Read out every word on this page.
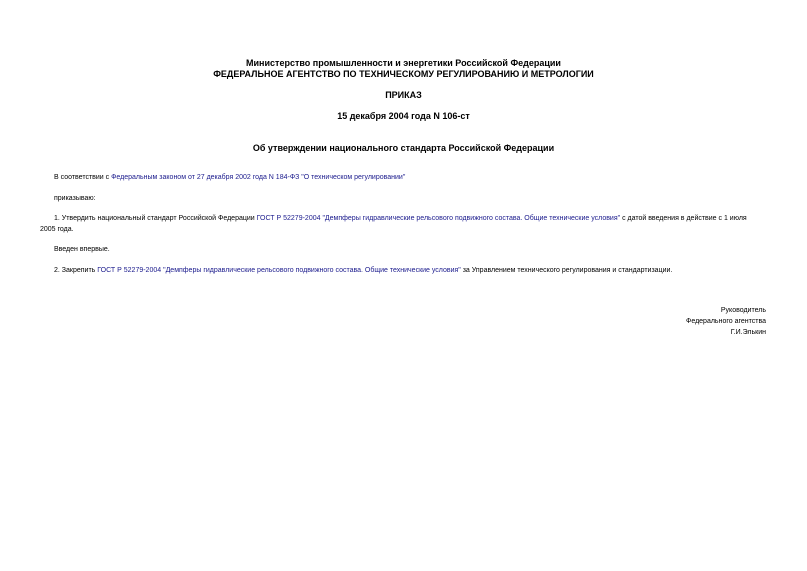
Министерство промышленности и энергетики Российской Федерации
ФЕДЕРАЛЬНОЕ АГЕНТСТВО ПО ТЕХНИЧЕСКОМУ РЕГУЛИРОВАНИЮ И МЕТРОЛОГИИ
ПРИКАЗ
15 декабря 2004 года N 106-ст
Об утверждении национального стандарта Российской Федерации
В соответствии с Федеральным законом от 27 декабря 2002 года N 184-ФЗ "О техническом регулировании"
приказываю:
1. Утвердить национальный стандарт Российской Федерации ГОСТ Р 52279-2004 "Демпферы гидравлические рельсового подвижного состава. Общие технические условия" с датой введения в действие с 1 июля
2005 года.
Введен впервые.
2. Закрепить ГОСТ Р 52279-2004 "Демпферы гидравлические рельсового подвижного состава. Общие технические условия" за Управлением технического регулирования и стандартизации.
Руководитель
Федерального агентства
Г.И.Элькин
